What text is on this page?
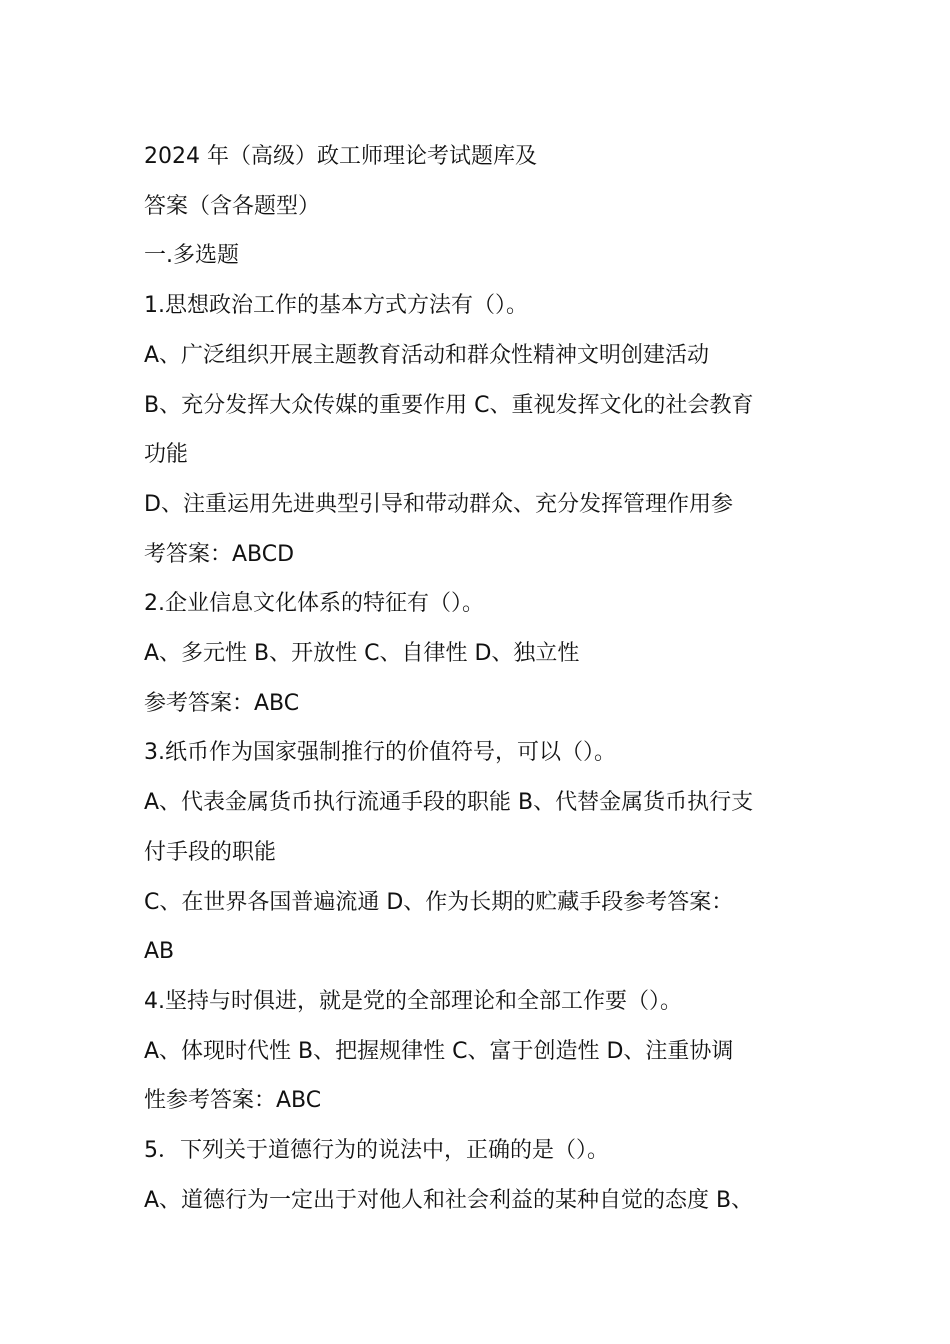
2024 年（高级）政工师理论考试题库及
答案（含各题型）
一.多选题
1.思想政治工作的基本方式方法有（）。
A、广泛组织开展主题教育活动和群众性精神文明创建活动
B、充分发挥大众传媒的重要作用 C、重视发挥文化的社会教育
功能
D、注重运用先进典型引导和带动群众、充分发挥管理作用参
考答案：ABCD
2.企业信息文化体系的特征有（）。
A、多元性 B、开放性 C、自律性 D、独立性
参考答案：ABC
3.纸币作为国家强制推行的价值符号，可以（）。
A、代表金属货币执行流通手段的职能 B、代替金属货币执行支
付手段的职能
C、在世界各国普遍流通 D、作为长期的贮藏手段参考答案：
AB
4.坚持与时俱进，就是党的全部理论和全部工作要（）。
A、体现时代性 B、把握规律性 C、富于创造性 D、注重协调
性参考答案：ABC
5．下列关于道德行为的说法中，正确的是（）。
A、道德行为一定出于对他人和社会利益的某种自觉的态度 B、
